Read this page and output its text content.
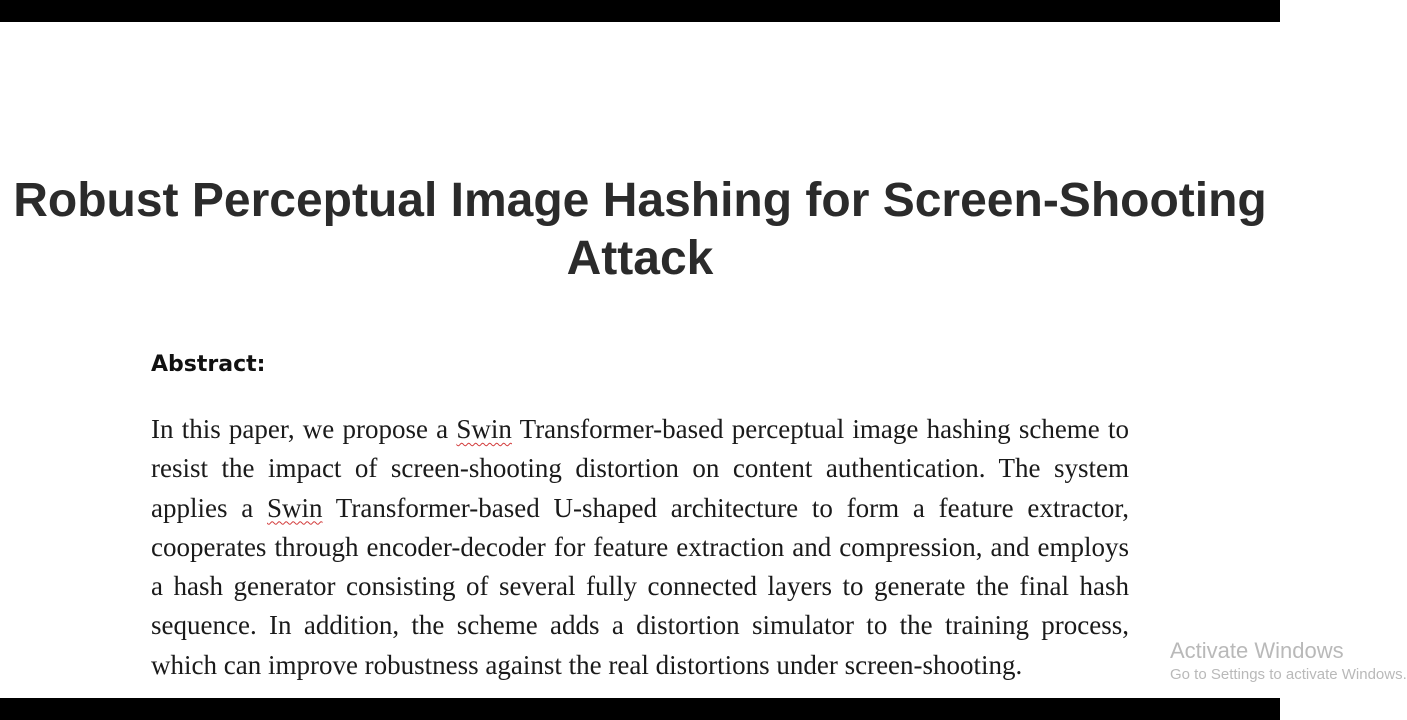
Robust Perceptual Image Hashing for Screen-Shooting Attack
Abstract:

In this paper, we propose a Swin Transformer-based perceptual image hashing scheme to resist the impact of screen-shooting distortion on content authentication. The system applies a Swin Transformer-based U-shaped architecture to form a feature extractor, cooperates through encoder-decoder for feature extraction and compression, and employs a hash generator consisting of several fully connected layers to generate the final hash sequence. In addition, the scheme adds a distortion simulator to the training process, which can improve robustness against the real distortions under screen-shooting.	Activate Windows
Go to Settings to activate Windows.
